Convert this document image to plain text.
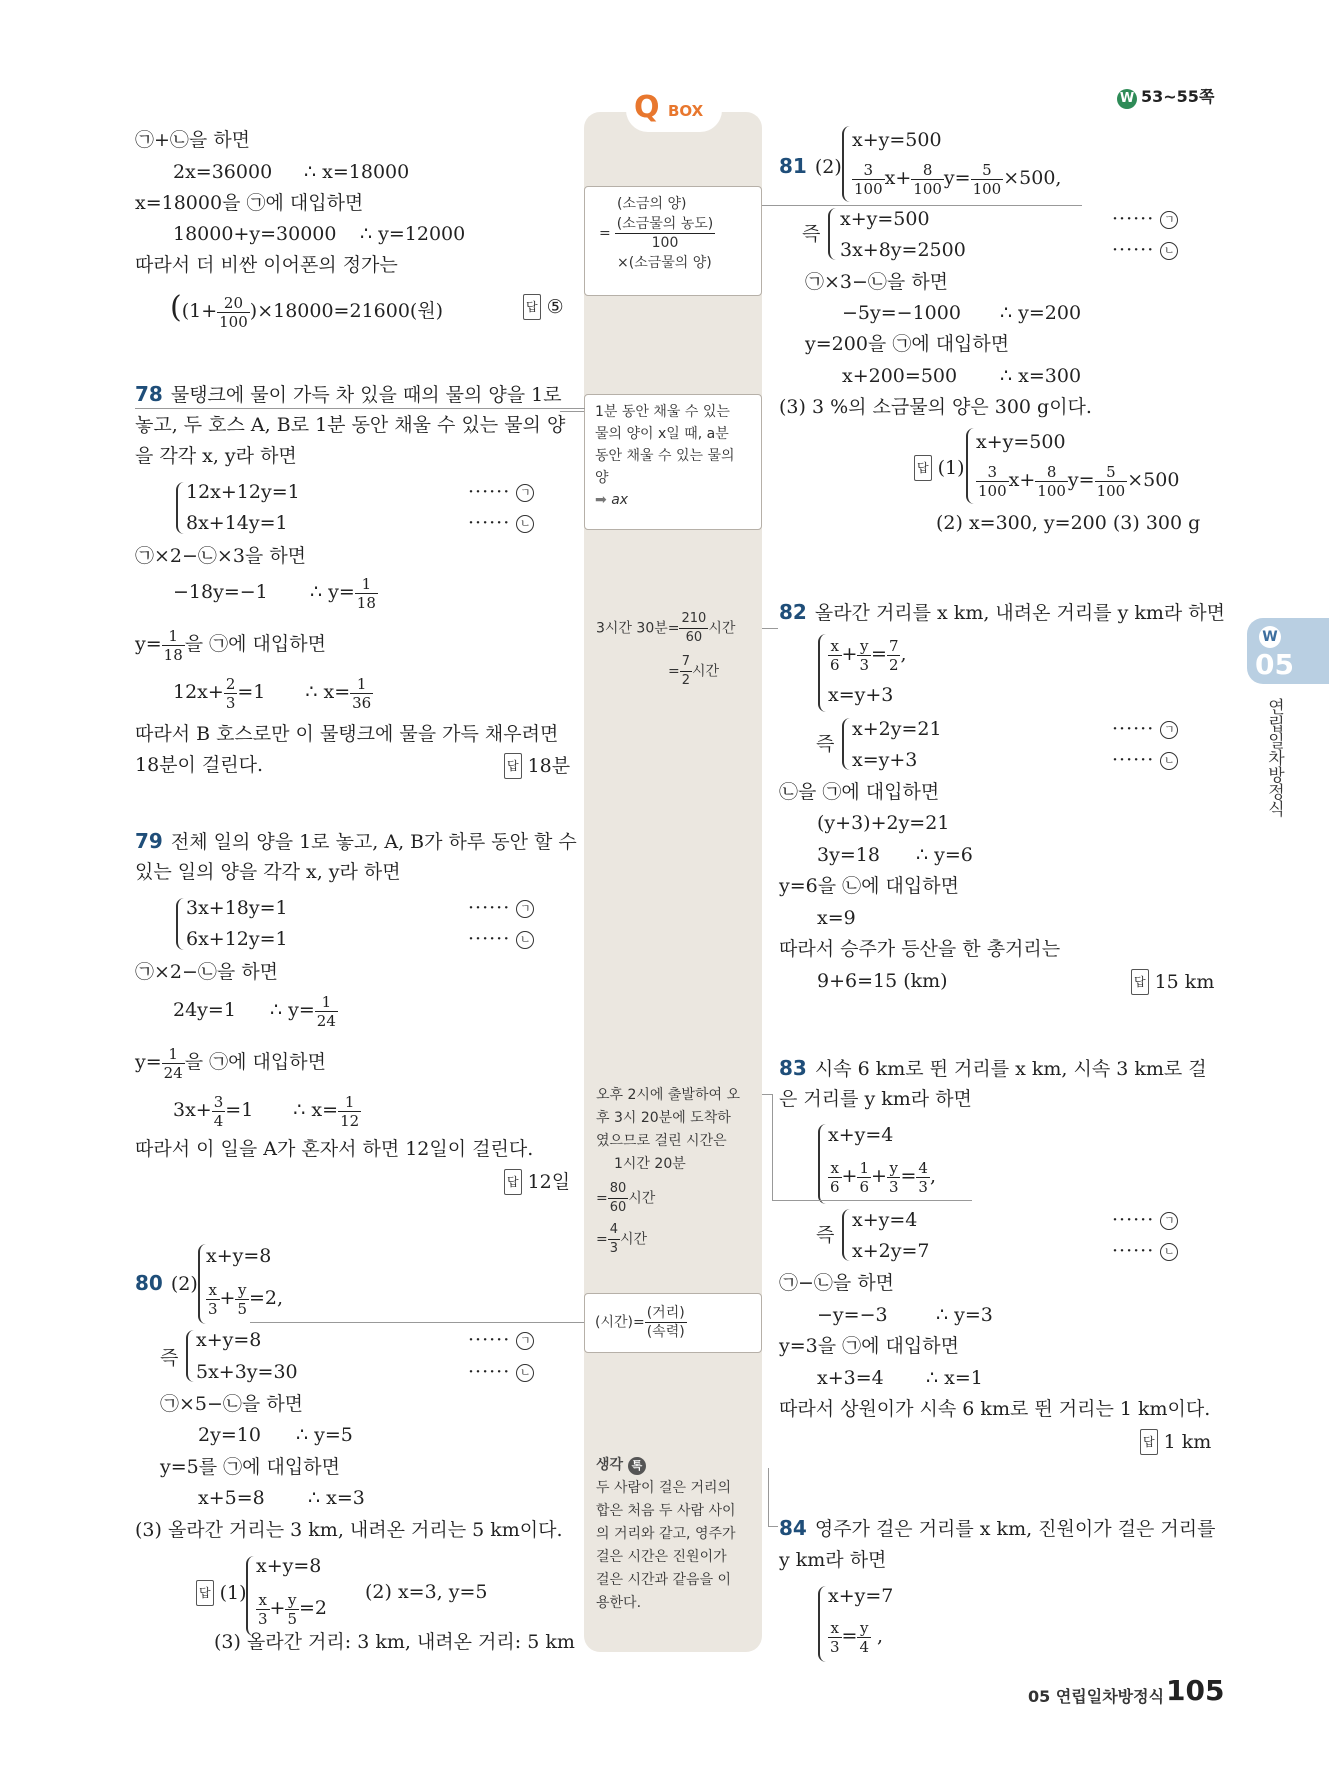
W 53~55쪽
Q BOX
(소금의 양)
= $\frac{\text{(소금물의 농도)}}{100}$
×(소금물의 양)
1분 동안 채울 수 있는
물의 양이 x일 때, a분
동안 채울 수 있는 물의
양
➡ ax
3시간 30분= $\frac{210}{60}$ 시간
= $\frac{7}{2}$ 시간
오후 2시에 출발하여 오
후 3시 20분에 도착하
였으므로 걸린 시간은
1시간 20분
= $\frac{80}{60}$ 시간
= $\frac{4}{3}$ 시간
(시간)= $\frac{\text{(거리)}}{\text{(속력)}}$
생각 톡
두 사람이 걸은 거리의
합은 처음 두 사람 사이
의 거리와 같고, 영주가
걸은 시간은 진원이가
걸은 시간과 같음을 이
용한다.
㉠+㉡을 하면
2x=36000 ∴ x=18000
x=18000을 ㉠에 대입하면
18000+y=30000 ∴ y=12000
따라서 더 비싼 이어폰의 정가는
($(1+ \frac{20}{100} )\times 18000=21600$(원)	답 ⑤
78 물탱크에 물이 가득 차 있을 때의 물의 양을 1로
놓고, 두 호스 A, B로 1분 동안 채울 수 있는 물의 양
을 각각 x, y라 하면
12x+12y=1
8x+14y=1
······ ㄱ
······ ㄴ
㉠×2−㉡×3을 하면
−18y=−1 ∴ $y= \frac{1}{18}$
$y= \frac{1}{18}$ 을 ㉠에 대입하면
$12x+ \frac{2}{3} =1$ ∴ $x= \frac{1}{36}$
따라서 B 호스로만 이 물탱크에 물을 가득 채우려면
18분이 걸린다.	답 18분
79 전체 일의 양을 1로 놓고, A, B가 하루 동안 할 수
있는 일의 양을 각각 x, y라 하면
3x+18y=1
6x+12y=1
······ ㄱ
······ ㄴ
㉠×2−㉡을 하면
24y=1 ∴ $y= \frac{1}{24}$
$y= \frac{1}{24}$ 을 ㉠에 대입하면
$3x+ \frac{3}{4} =1$ ∴ $x= \frac{1}{12}$
따라서 이 일을 A가 혼자서 하면 12일이 걸린다.
답 12일
80 (2)
x+y=8
$\frac{x}{3} + \frac{y}{5} =2$,
즉
x+y=8
5x+3y=30
······ ㄱ
······ ㄴ
㉠×5−㉡을 하면
2y=10 ∴ y=5
y=5를 ㉠에 대입하면
x+5=8 ∴ x=3
(3) 올라간 거리는 3 km, 내려온 거리는 5 km이다.
답 (1)
x+y=8
$\frac{x}{3} + \frac{y}{5} =2$
(2) x=3, y=5
(3) 올라간 거리: 3 km, 내려온 거리: 5 km
81 (2)
x+y=500
$\frac{3}{100} x+ \frac{8}{100} y= \frac{5}{100} \times 500$,
즉
x+y=500
3x+8y=2500
······ ㄱ
······ ㄴ
㉠×3−㉡을 하면
−5y=−1000 ∴ y=200
y=200을 ㉠에 대입하면
x+200=500 ∴ x=300
(3) 3 %의 소금물의 양은 300 g이다.
답 (1)
x+y=500
$\frac{3}{100} x+ \frac{8}{100} y= \frac{5}{100} \times 500$
(2) x=300, y=200 (3) 300 g
82 올라간 거리를 x km, 내려온 거리를 y km라 하면
$\frac{x}{6} + \frac{y}{3} = \frac{7}{2}$ ,
x=y+3
즉
x+2y=21
x=y+3
······ ㄱ
······ ㄴ
㉡을 ㉠에 대입하면
(y+3)+2y=21
3y=18 ∴ y=6
y=6을 ㉡에 대입하면
x=9
따라서 승주가 등산을 한 총거리는
9+6=15 (km)	답 15 km
83 시속 6 km로 뛴 거리를 x km, 시속 3 km로 걸
은 거리를 y km라 하면
x+y=4
$\frac{x}{6} + \frac{1}{6} + \frac{y}{3} = \frac{4}{3}$ ,
즉
x+y=4
x+2y=7
······ ㄱ
······ ㄴ
㉠−㉡을 하면
−y=−3	∴ y=3
y=3을 ㉠에 대입하면
x+3=4 ∴ x=1
따라서 상원이가 시속 6 km로 뛴 거리는 1 km이다.
답 1 km
84 영주가 걸은 거리를 x km, 진원이가 걸은 거리를
y km라 하면
x+y=7
$\frac{x}{3} = \frac{y}{4}$ ,
W
05
연립일차방정식
05 연립일차방정식 105
